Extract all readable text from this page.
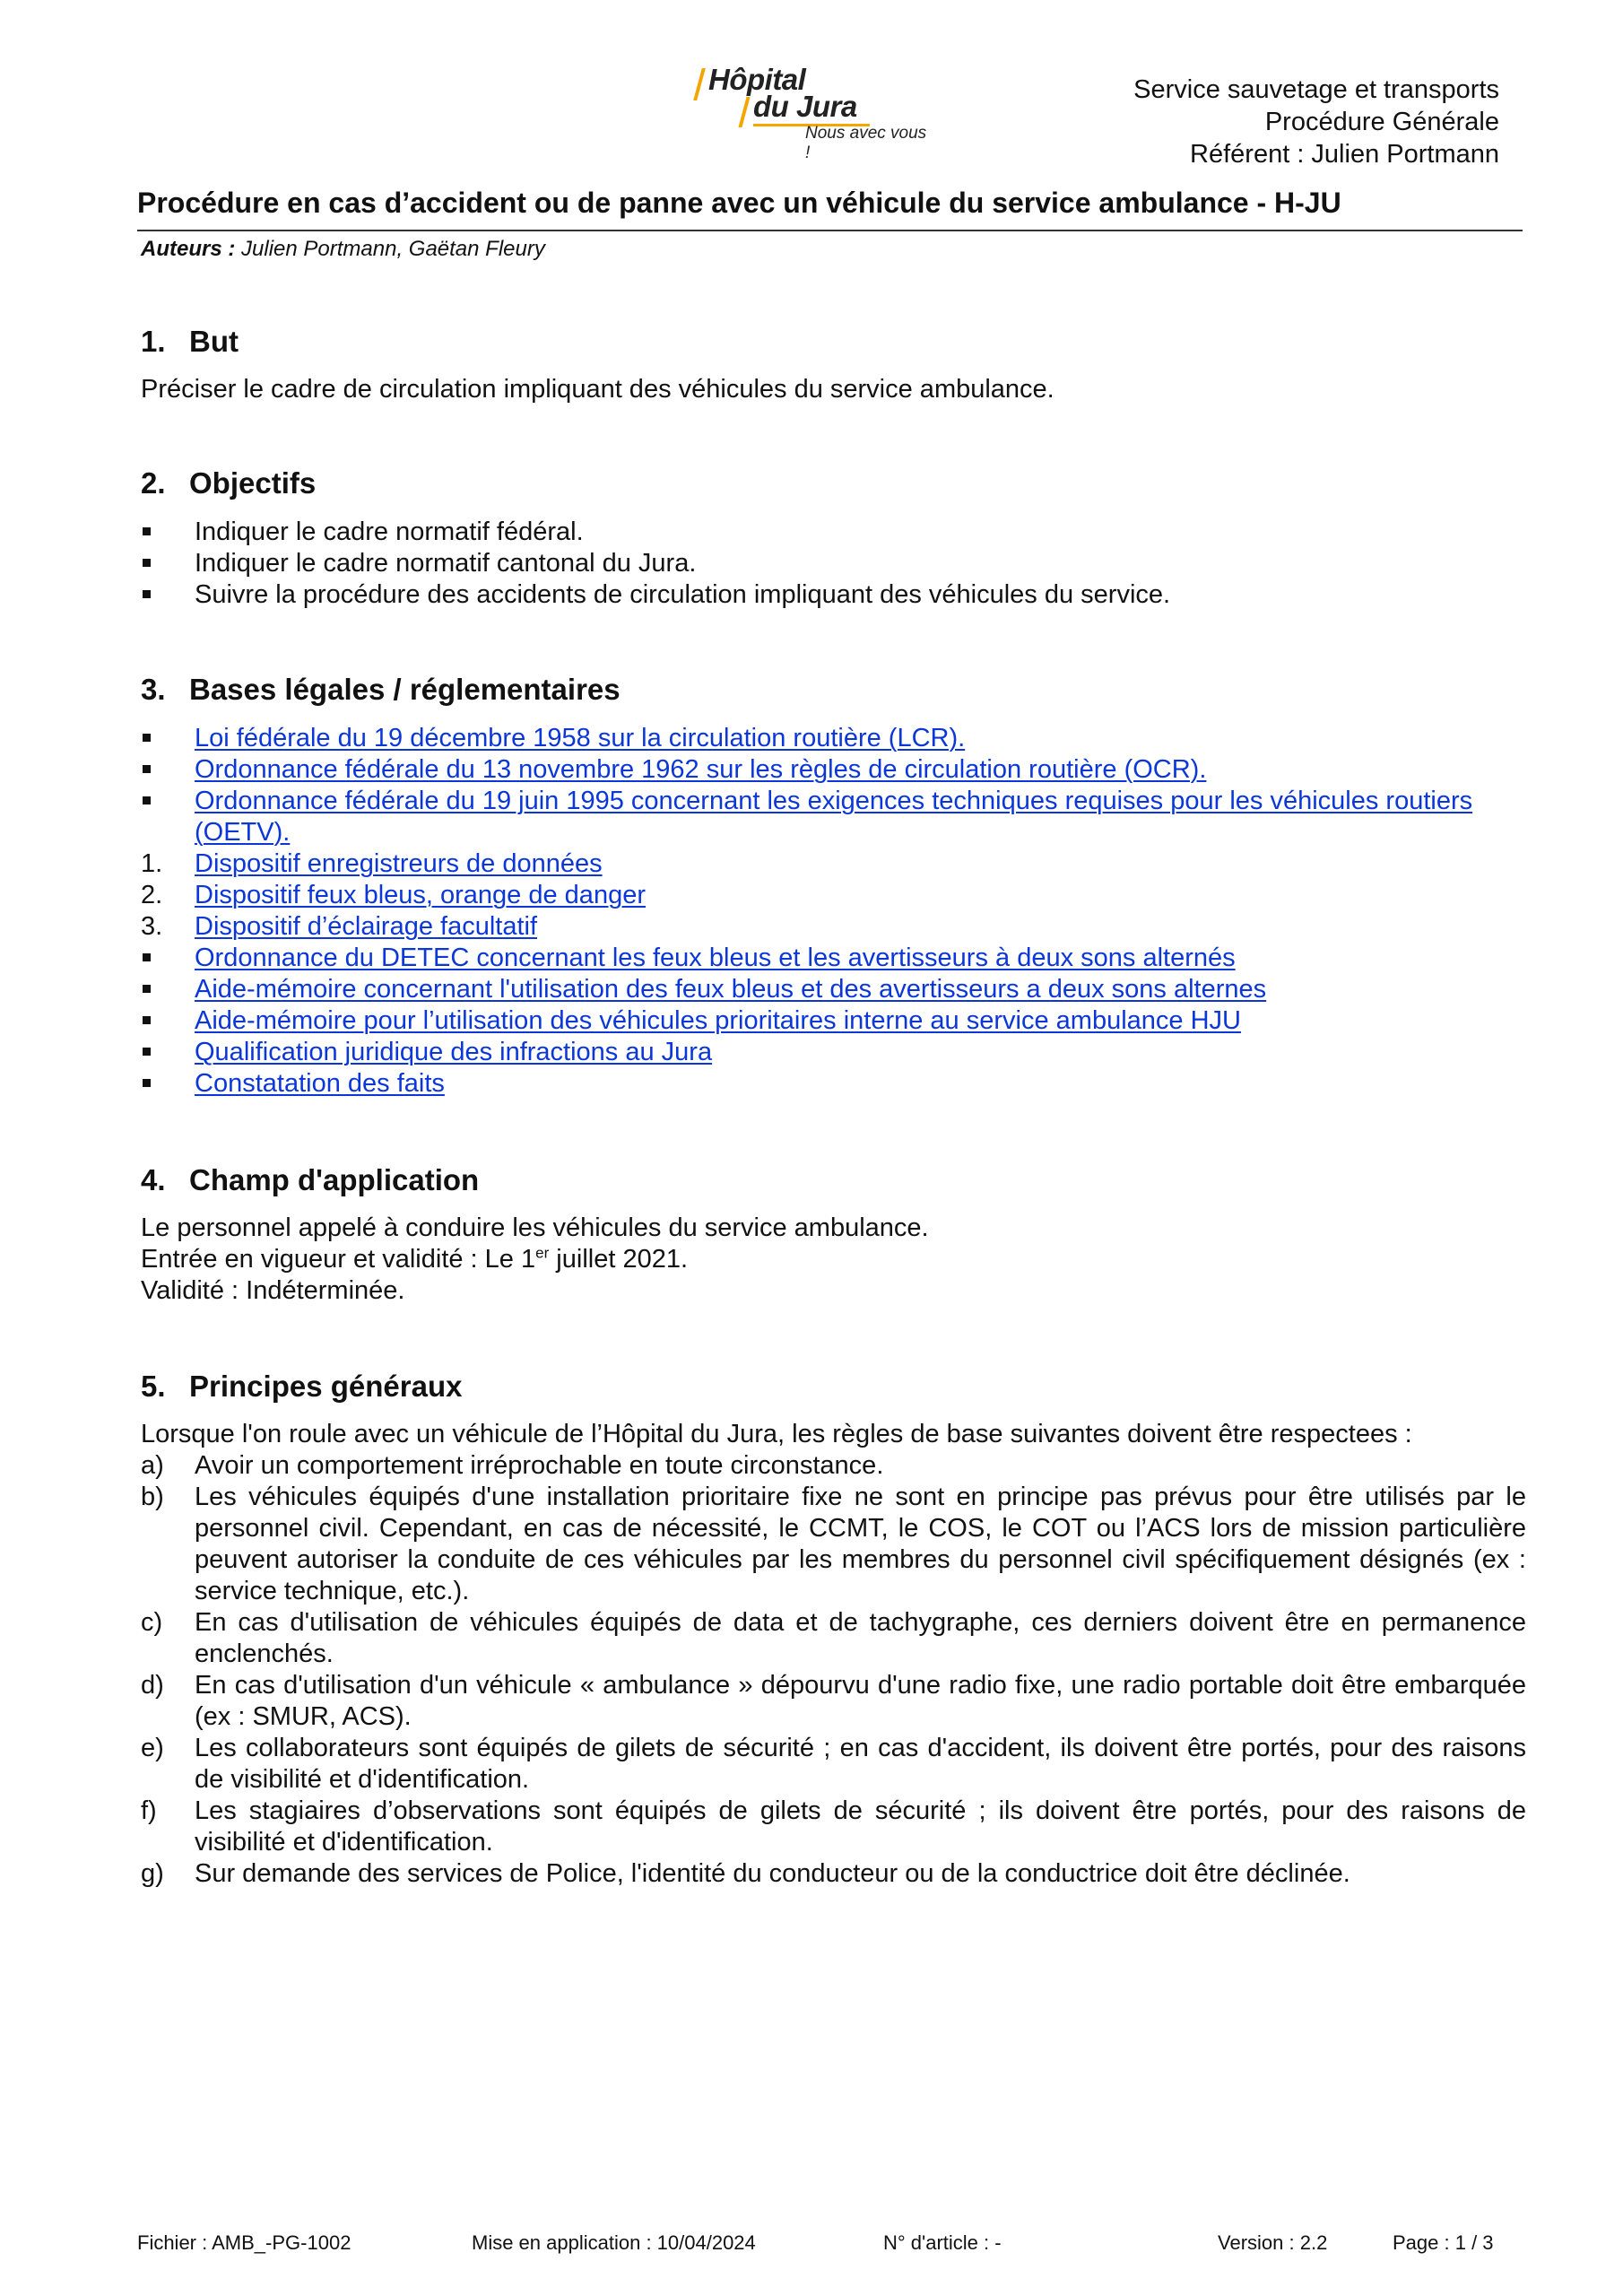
Hôpital
du Jura
Nous avec vous !
Service sauvetage et transports
Procédure Générale
Référent : Julien Portmann
Procédure en cas d’accident ou de panne avec un véhicule du service ambulance - H-JU
Auteurs : Julien Portmann, Gaëtan Fleury
1. But
Préciser le cadre de circulation impliquant des véhicules du service ambulance.
2. Objectifs
Indiquer le cadre normatif fédéral.
Indiquer le cadre normatif cantonal du Jura.
Suivre la procédure des accidents de circulation impliquant des véhicules du service.
3. Bases légales / réglementaires
Loi fédérale du 19 décembre 1958 sur la circulation routière (LCR).
Ordonnance fédérale du 13 novembre 1962 sur les règles de circulation routière (OCR).
Ordonnance fédérale du 19 juin 1995 concernant les exigences techniques requises pour les véhicules routiers (OETV).
1.	Dispositif enregistreurs de données
2.	Dispositif feux bleus, orange de danger
3.	Dispositif d’éclairage facultatif
Ordonnance du DETEC concernant les feux bleus et les avertisseurs à deux sons alternés
Aide-mémoire concernant l'utilisation des feux bleus et des avertisseurs a deux sons alternes
Aide-mémoire pour l’utilisation des véhicules prioritaires interne au service ambulance HJU
Qualification juridique des infractions au Jura
Constatation des faits
4. Champ d'application
Le personnel appelé à conduire les véhicules du service ambulance.
Entrée en vigueur et validité : Le 1er juillet 2021.
Validité : Indéterminée.
5. Principes généraux
Lorsque l'on roule avec un véhicule de l’Hôpital du Jura, les règles de base suivantes doivent être respectees :
a)	Avoir un comportement irréprochable en toute circonstance.
b)	Les véhicules équipés d'une installation prioritaire fixe ne sont en principe pas prévus pour être utilisés par le personnel civil. Cependant, en cas de nécessité, le CCMT, le COS, le COT ou l’ACS lors de mission particulière peuvent autoriser la conduite de ces véhicules par les membres du personnel civil spécifiquement désignés (ex : service technique, etc.).
c)	En cas d'utilisation de véhicules équipés de data et de tachygraphe, ces derniers doivent être en permanence enclenchés.
d)	En cas d'utilisation d'un véhicule « ambulance » dépourvu d'une radio fixe, une radio portable doit être embarquée (ex : SMUR, ACS).
e)	Les collaborateurs sont équipés de gilets de sécurité ; en cas d'accident, ils doivent être portés, pour des raisons de visibilité et d'identification.
f)	Les stagiaires d’observations sont équipés de gilets de sécurité ; ils doivent être portés, pour des raisons de visibilité et d'identification.
g)	Sur demande des services de Police, l'identité du conducteur ou de la conductrice doit être déclinée.
Fichier : AMB_-PG-1002	Mise en application : 10/04/2024	N° d'article : -	Version : 2.2	Page : 1 / 3
